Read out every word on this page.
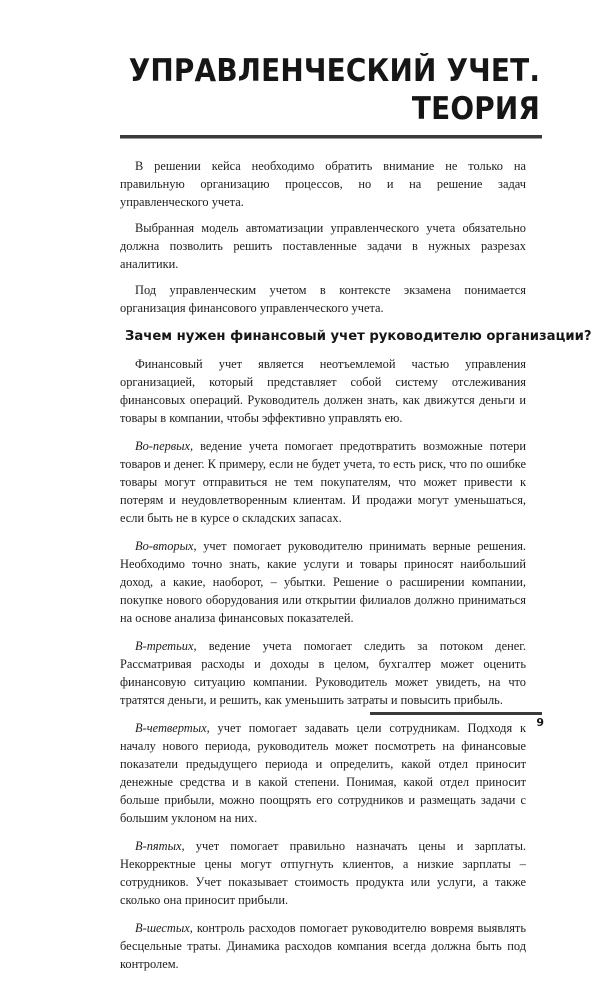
УПРАВЛЕНЧЕСКИЙ УЧЕТ.
ТЕОРИЯ

В решении кейса необходимо обратить внимание не только на правильную организацию процессов, но и на решение задач управленческого учета.

Выбранная модель автоматизации управленческого учета обязательно должна позволить решить поставленные задачи в нужных разрезах аналитики.

Под управленческим учетом в контексте экзамена понимается организация финансового управленческого учета.

Зачем нужен финансовый учет руководителю организации?

Финансовый учет является неотъемлемой частью управления организацией, который представляет собой систему отслеживания финансовых операций. Руководитель должен знать, как движутся деньги и товары в компании, чтобы эффективно управлять ею.

Во-первых, ведение учета помогает предотвратить возможные потери товаров и денег. К примеру, если не будет учета, то есть риск, что по ошибке товары могут отправиться не тем покупателям, что может привести к потерям и неудовлетворенным клиентам. И продажи могут уменьшаться, если быть не в курсе о складских запасах.

Во-вторых, учет помогает руководителю принимать верные решения. Необходимо точно знать, какие услуги и товары приносят наибольший доход, а какие, наоборот, – убытки. Решение о расширении компании, покупке нового оборудования или открытии филиалов должно приниматься на основе анализа финансовых показателей.

В-третьих, ведение учета помогает следить за потоком денег. Рассматривая расходы и доходы в целом, бухгалтер может оценить финансовую ситуацию компании. Руководитель может увидеть, на что тратятся деньги, и решить, как уменьшить затраты и повысить прибыль.

В-четвертых, учет помогает задавать цели сотрудникам. Подходя к началу нового периода, руководитель может посмотреть на финансовые показатели предыдущего периода и определить, какой отдел приносит денежные средства и в какой степени. Понимая, какой отдел приносит больше прибыли, можно поощрять его сотрудников и размещать задачи с большим уклоном на них.

В-пятых, учет помогает правильно назначать цены и зарплаты. Некорректные цены могут отпугнуть клиентов, а низкие зарплаты – сотрудников. Учет показывает стоимость продукта или услуги, а также сколько она приносит прибыли.

В-шестых, контроль расходов помогает руководителю вовремя выявлять бесцельные траты. Динамика расходов компания всегда должна быть под контролем.

9
